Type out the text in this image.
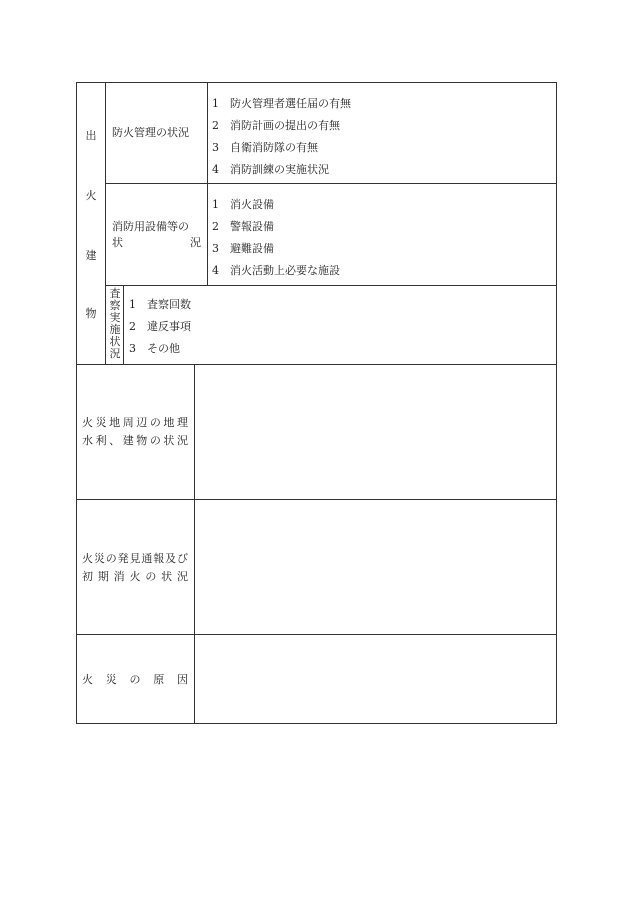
出
火
建
物
防火管理の状況
1 防火管理者選任届の有無
2 消防計画の提出の有無
3 自衛消防隊の有無
4 消防訓練の実施状況
消防用設備等の
状	況
1 消火設備
2 警報設備
3 避難設備
4 消火活動上必要な施設
査
察
実
施
状
況
1 査察回数
2 違反事項
3 その他
火災地周辺の地理
水利、建物の状況
火災の発見通報及び
初期消火の状況
火 災 の 原 因
